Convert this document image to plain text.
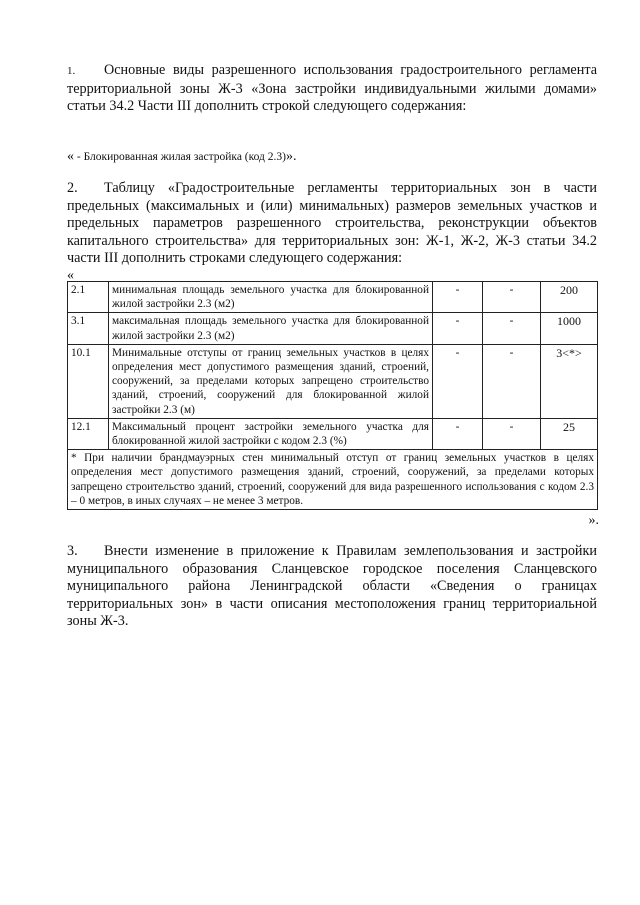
1. Основные виды разрешенного использования градостроительного регламента территориальной зоны Ж-3 «Зона застройки индивидуальными жилыми домами» статьи 34.2 Части III дополнить строкой следующего содержания:
« - Блокированная жилая застройка (код 2.3)».
2. Таблицу «Градостроительные регламенты территориальных зон в части предельных (максимальных и (или) минимальных) размеров земельных участков и предельных параметров разрешенного строительства, реконструкции объектов капитального строительства» для территориальных зон: Ж-1, Ж-2, Ж-3 статьи 34.2 части III дополнить строками следующего содержания:
«
2.1	минимальная площадь земельного участка для блокированной жилой застройки 2.3 (м2)	-	-	200
3.1	максимальная площадь земельного участка для блокированной жилой застройки 2.3 (м2)	-	-	1000
10.1	Минимальные отступы от границ земельных участков в целях определения мест допустимого размещения зданий, строений, сооружений, за пределами которых запрещено строительство зданий, строений, сооружений для блокированной жилой застройки 2.3 (м)	-	-	3<*>
12.1	Максимальный процент застройки земельного участка для блокированной жилой застройки с кодом 2.3 (%)	-	-	25
* При наличии брандмауэрных стен минимальный отступ от границ земельных участков в целях определения мест допустимого размещения зданий, строений, сооружений, за пределами которых запрещено строительство зданий, строений, сооружений для вида разрешенного использования с кодом 2.3 – 0 метров, в иных случаях – не менее 3 метров.				
».
3. Внести изменение в приложение к Правилам землепользования и застройки муниципального образования Сланцевское городское поселения Сланцевского муниципального района Ленинградской области «Сведения о границах территориальных зон» в части описания местоположения границ территориальной зоны Ж-3.
